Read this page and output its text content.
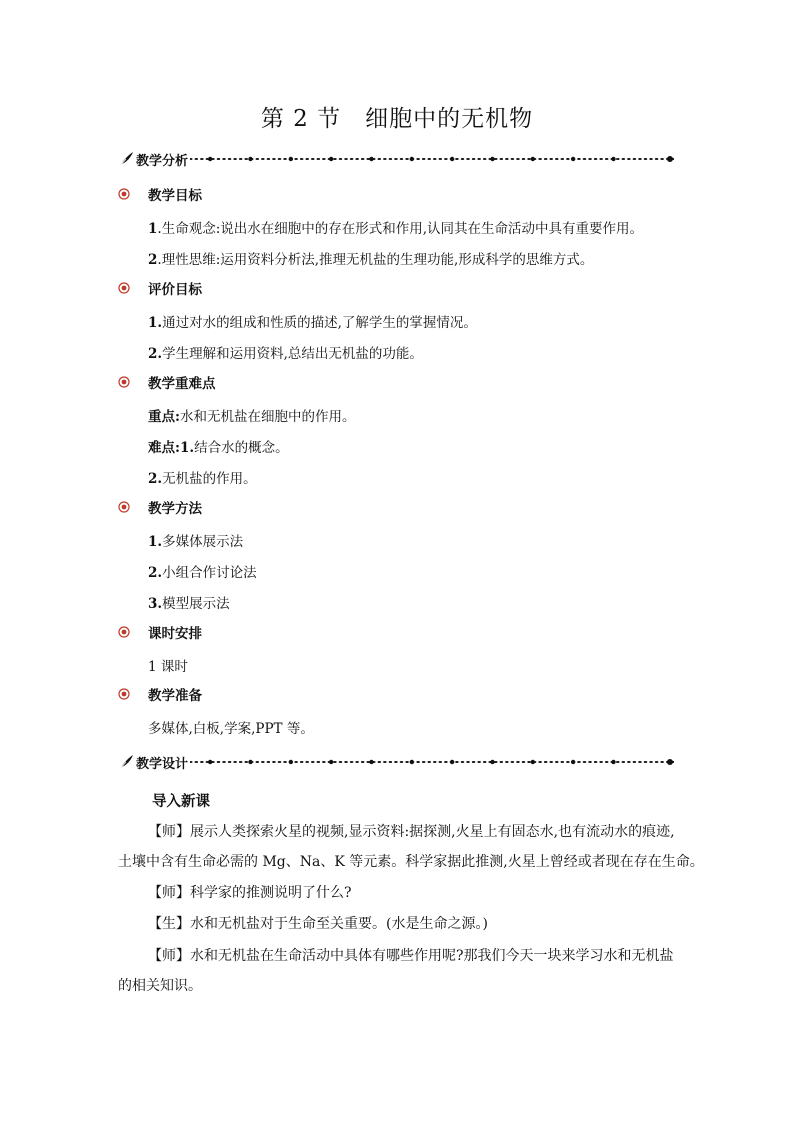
第 2 节　细胞中的无机物
教学分析
教学目标
1.生命观念:说出水在细胞中的存在形式和作用,认同其在生命活动中具有重要作用。
2.理性思维:运用资料分析法,推理无机盐的生理功能,形成科学的思维方式。
评价目标
1.通过对水的组成和性质的描述,了解学生的掌握情况。
2.学生理解和运用资料,总结出无机盐的功能。
教学重难点
重点:水和无机盐在细胞中的作用。
难点:1.结合水的概念。
2.无机盐的作用。
教学方法
1.多媒体展示法
2.小组合作讨论法
3.模型展示法
课时安排
1 课时
教学准备
多媒体,白板,学案,PPT 等。
教学设计
导入新课
【师】展示人类探索火星的视频,显示资料:据探测,火星上有固态水,也有流动水的痕迹,
土壤中含有生命必需的 Mg、Na、K 等元素。科学家据此推测,火星上曾经或者现在存在生命。
【师】科学家的推测说明了什么?
【生】水和无机盐对于生命至关重要。(水是生命之源。)
【师】水和无机盐在生命活动中具体有哪些作用呢?那我们今天一块来学习水和无机盐
的相关知识。
